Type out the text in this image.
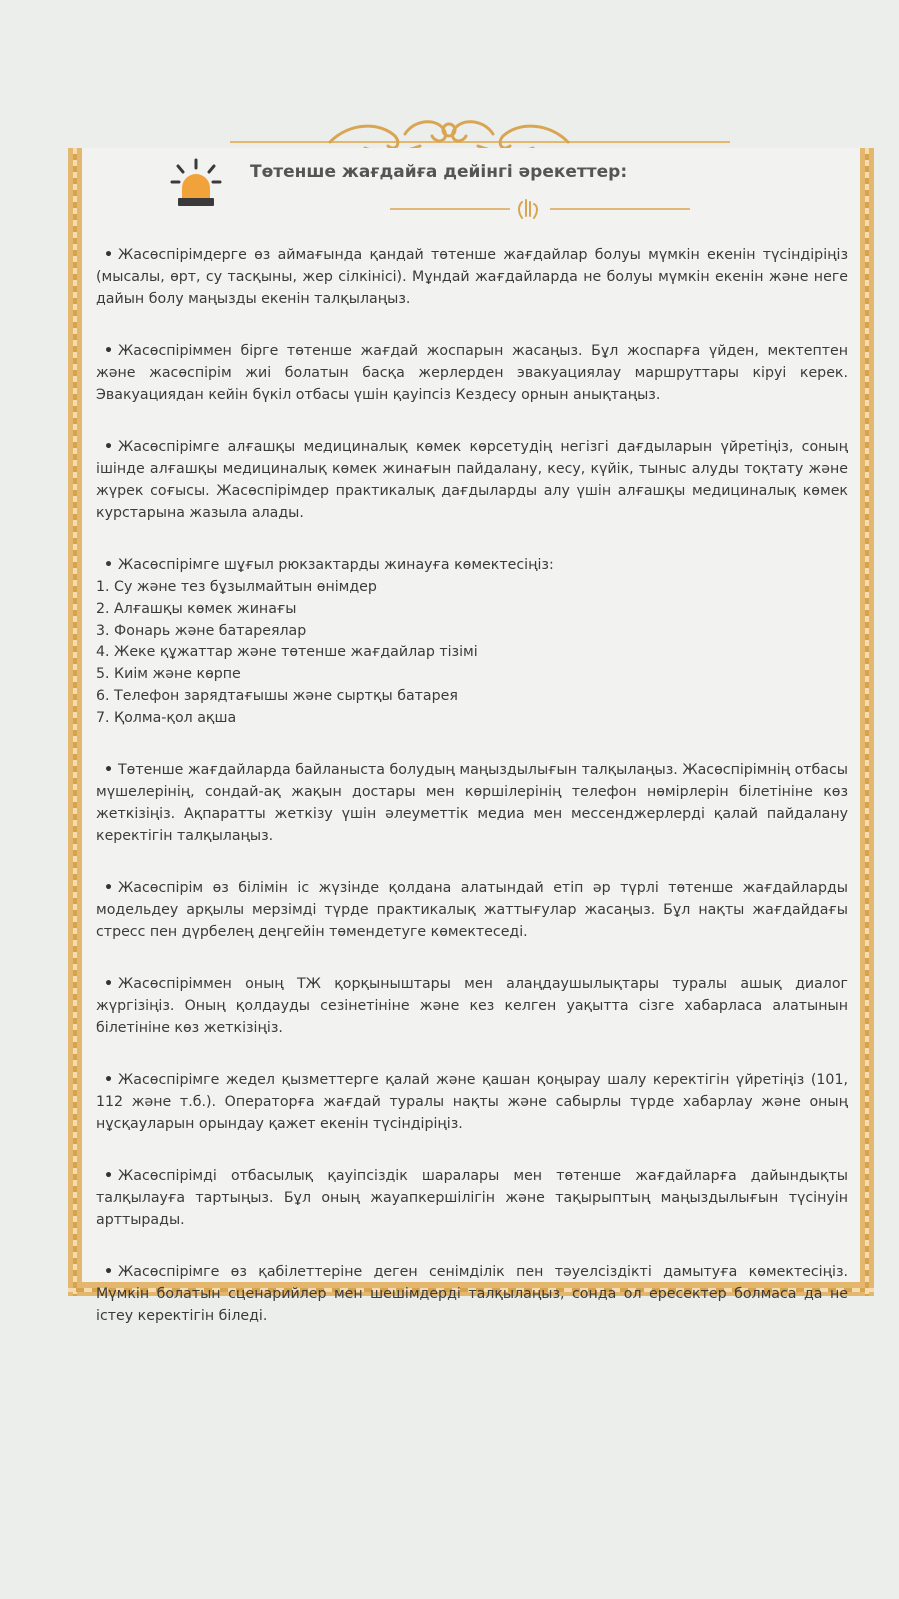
Төтенше жағдайға дейінгі әрекеттер:

• Жасөспірімдерге өз аймағында қандай төтенше жағдайлар болуы мүмкін екенін түсіндіріңіз (мысалы, өрт, су тасқыны, жер сілкінісі). Мұндай жағдайларда не болуы мүмкін екенін және неге дайын болу маңызды екенін талқылаңыз.

• Жасөспіріммен бірге төтенше жағдай жоспарын жасаңыз. Бұл жоспарға үйден, мектептен және жасөспірім жиі болатын басқа жерлерден эвакуациялау маршруттары кіруі керек. Эвакуациядан кейін бүкіл отбасы үшін қауіпсіз Кездесу орнын анықтаңыз.

• Жасөспірімге алғашқы медициналық көмек көрсетудің негізгі дағдыларын үйретіңіз, соның ішінде алғашқы медициналық көмек жинағын пайдалану, кесу, күйік, тыныс алуды тоқтату және жүрек соғысы. Жасөспірімдер практикалық дағдыларды алу үшін алғашқы медициналық көмек курстарына жазыла алады.

• Жасөспірімге шұғыл рюкзактарды жинауға көмектесіңіз:

1. Су және тез бұзылмайтын өнімдер
2. Алғашқы көмек жинағы
3. Фонарь және батареялар
4. Жеке құжаттар және төтенше жағдайлар тізімі
5. Киім және көрпе
6. Телефон зарядтағышы және сыртқы батарея
7. Қолма-қол ақша

• Төтенше жағдайларда байланыста болудың маңыздылығын талқылаңыз. Жасөспірімнің отбасы мүшелерінің, сондай-ақ жақын достары мен көршілерінің телефон нөмірлерін білетініне көз жеткізіңіз. Ақпаратты жеткізу үшін әлеуметтік медиа мен мессенджерлерді қалай пайдалану керектігін талқылаңыз.

• Жасөспірім өз білімін іс жүзінде қолдана алатындай етіп әр түрлі төтенше жағдайларды модельдеу арқылы мерзімді түрде практикалық жаттығулар жасаңыз. Бұл нақты жағдайдағы стресс пен дүрбелең деңгейін төмендетуге көмектеседі.

• Жасөспіріммен оның ТЖ қорқыныштары мен алаңдаушылықтары туралы ашық диалог жүргізіңіз. Оның қолдауды сезінетініне және кез келген уақытта сізге хабарласа алатынын білетініне көз жеткізіңіз.

• Жасөспірімге жедел қызметтерге қалай және қашан қоңырау шалу керектігін үйретіңіз (101, 112 және т.б.). Операторға жағдай туралы нақты және сабырлы түрде хабарлау және оның нұсқауларын орындау қажет екенін түсіндіріңіз.

• Жасөспірімді отбасылық қауіпсіздік шаралары мен төтенше жағдайларға дайындықты талқылауға тартыңыз. Бұл оның жауапкершілігін және тақырыптың маңыздылығын түсінуін арттырады.

• Жасөспірімге өз қабілеттеріне деген сенімділік пен тәуелсіздікті дамытуға көмектесіңіз. Мүмкін болатын сценарийлер мен шешімдерді талқылаңыз, сонда ол ересектер болмаса да не істеу керектігін біледі.
